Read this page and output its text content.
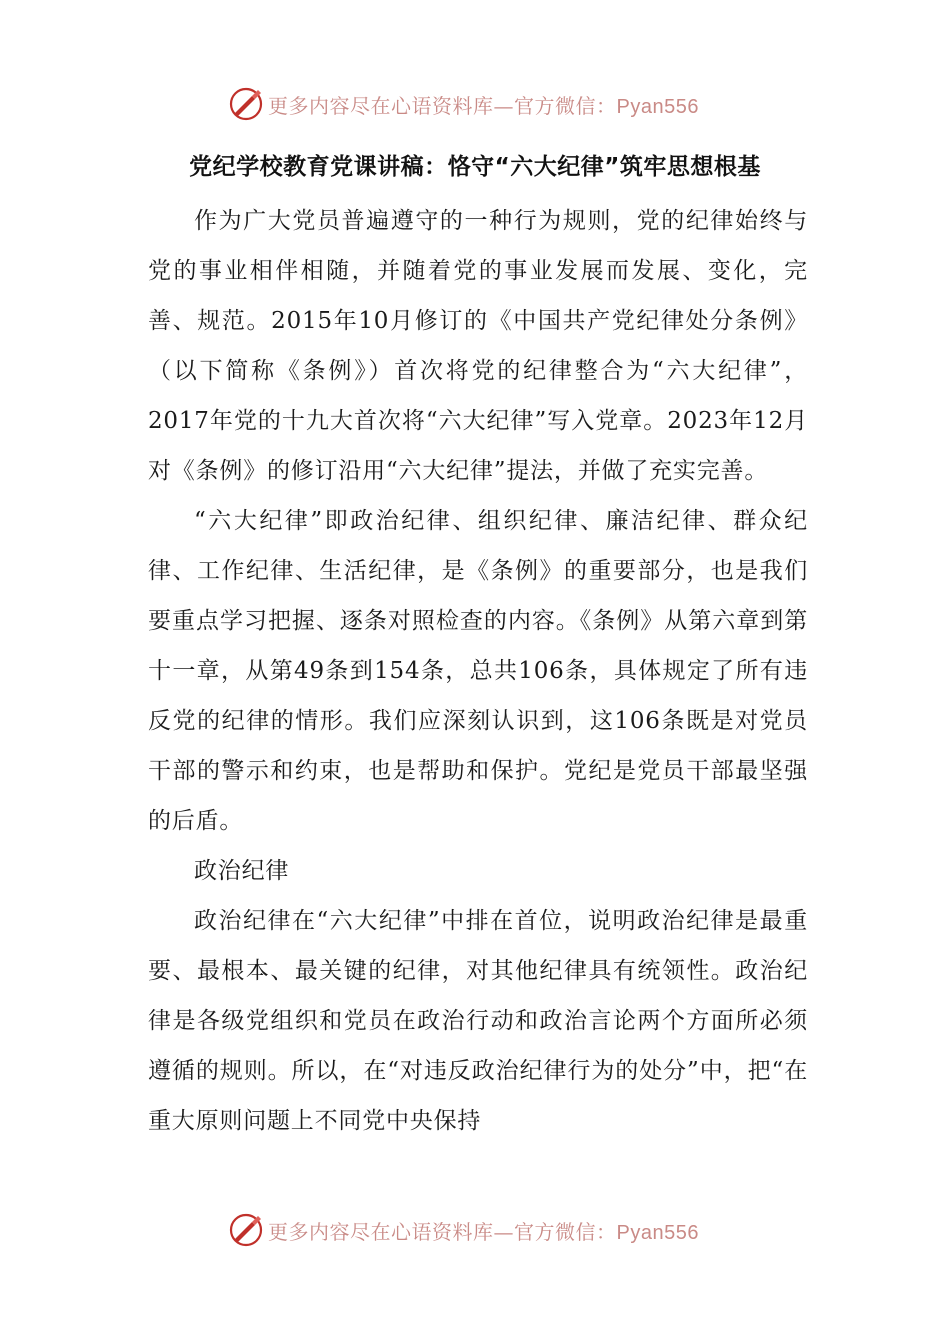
更多内容尽在心语资料库—官方微信：Pyan556
党纪学校教育党课讲稿：恪守“六大纪律”筑牢思想根基

作为广大党员普遍遵守的一种行为规则，党的纪律始终与党的事业相伴相随，并随着党的事业发展而发展、变化，完善、规范。2015年10月修订的《中国共产党纪律处分条例》（以下简称《条例》）首次将党的纪律整合为“六大纪律”，2017年党的十九大首次将“六大纪律”写入党章。2023年12月对《条例》的修订沿用“六大纪律”提法，并做了充实完善。

“六大纪律”即政治纪律、组织纪律、廉洁纪律、群众纪律、工作纪律、生活纪律，是《条例》的重要部分，也是我们要重点学习把握、逐条对照检查的内容。《条例》从第六章到第十一章，从第49条到154条，总共106条，具体规定了所有违反党的纪律的情形。我们应深刻认识到，这106条既是对党员干部的警示和约束，也是帮助和保护。党纪是党员干部最坚强的后盾。

政治纪律

政治纪律在“六大纪律”中排在首位，说明政治纪律是最重要、最根本、最关键的纪律，对其他纪律具有统领性。政治纪律是各级党组织和党员在政治行动和政治言论两个方面所必须遵循的规则。所以，在“对违反政治纪律行为的处分”中，把“在重大原则问题上不同党中央保持

更多内容尽在心语资料库—官方微信：Pyan556
